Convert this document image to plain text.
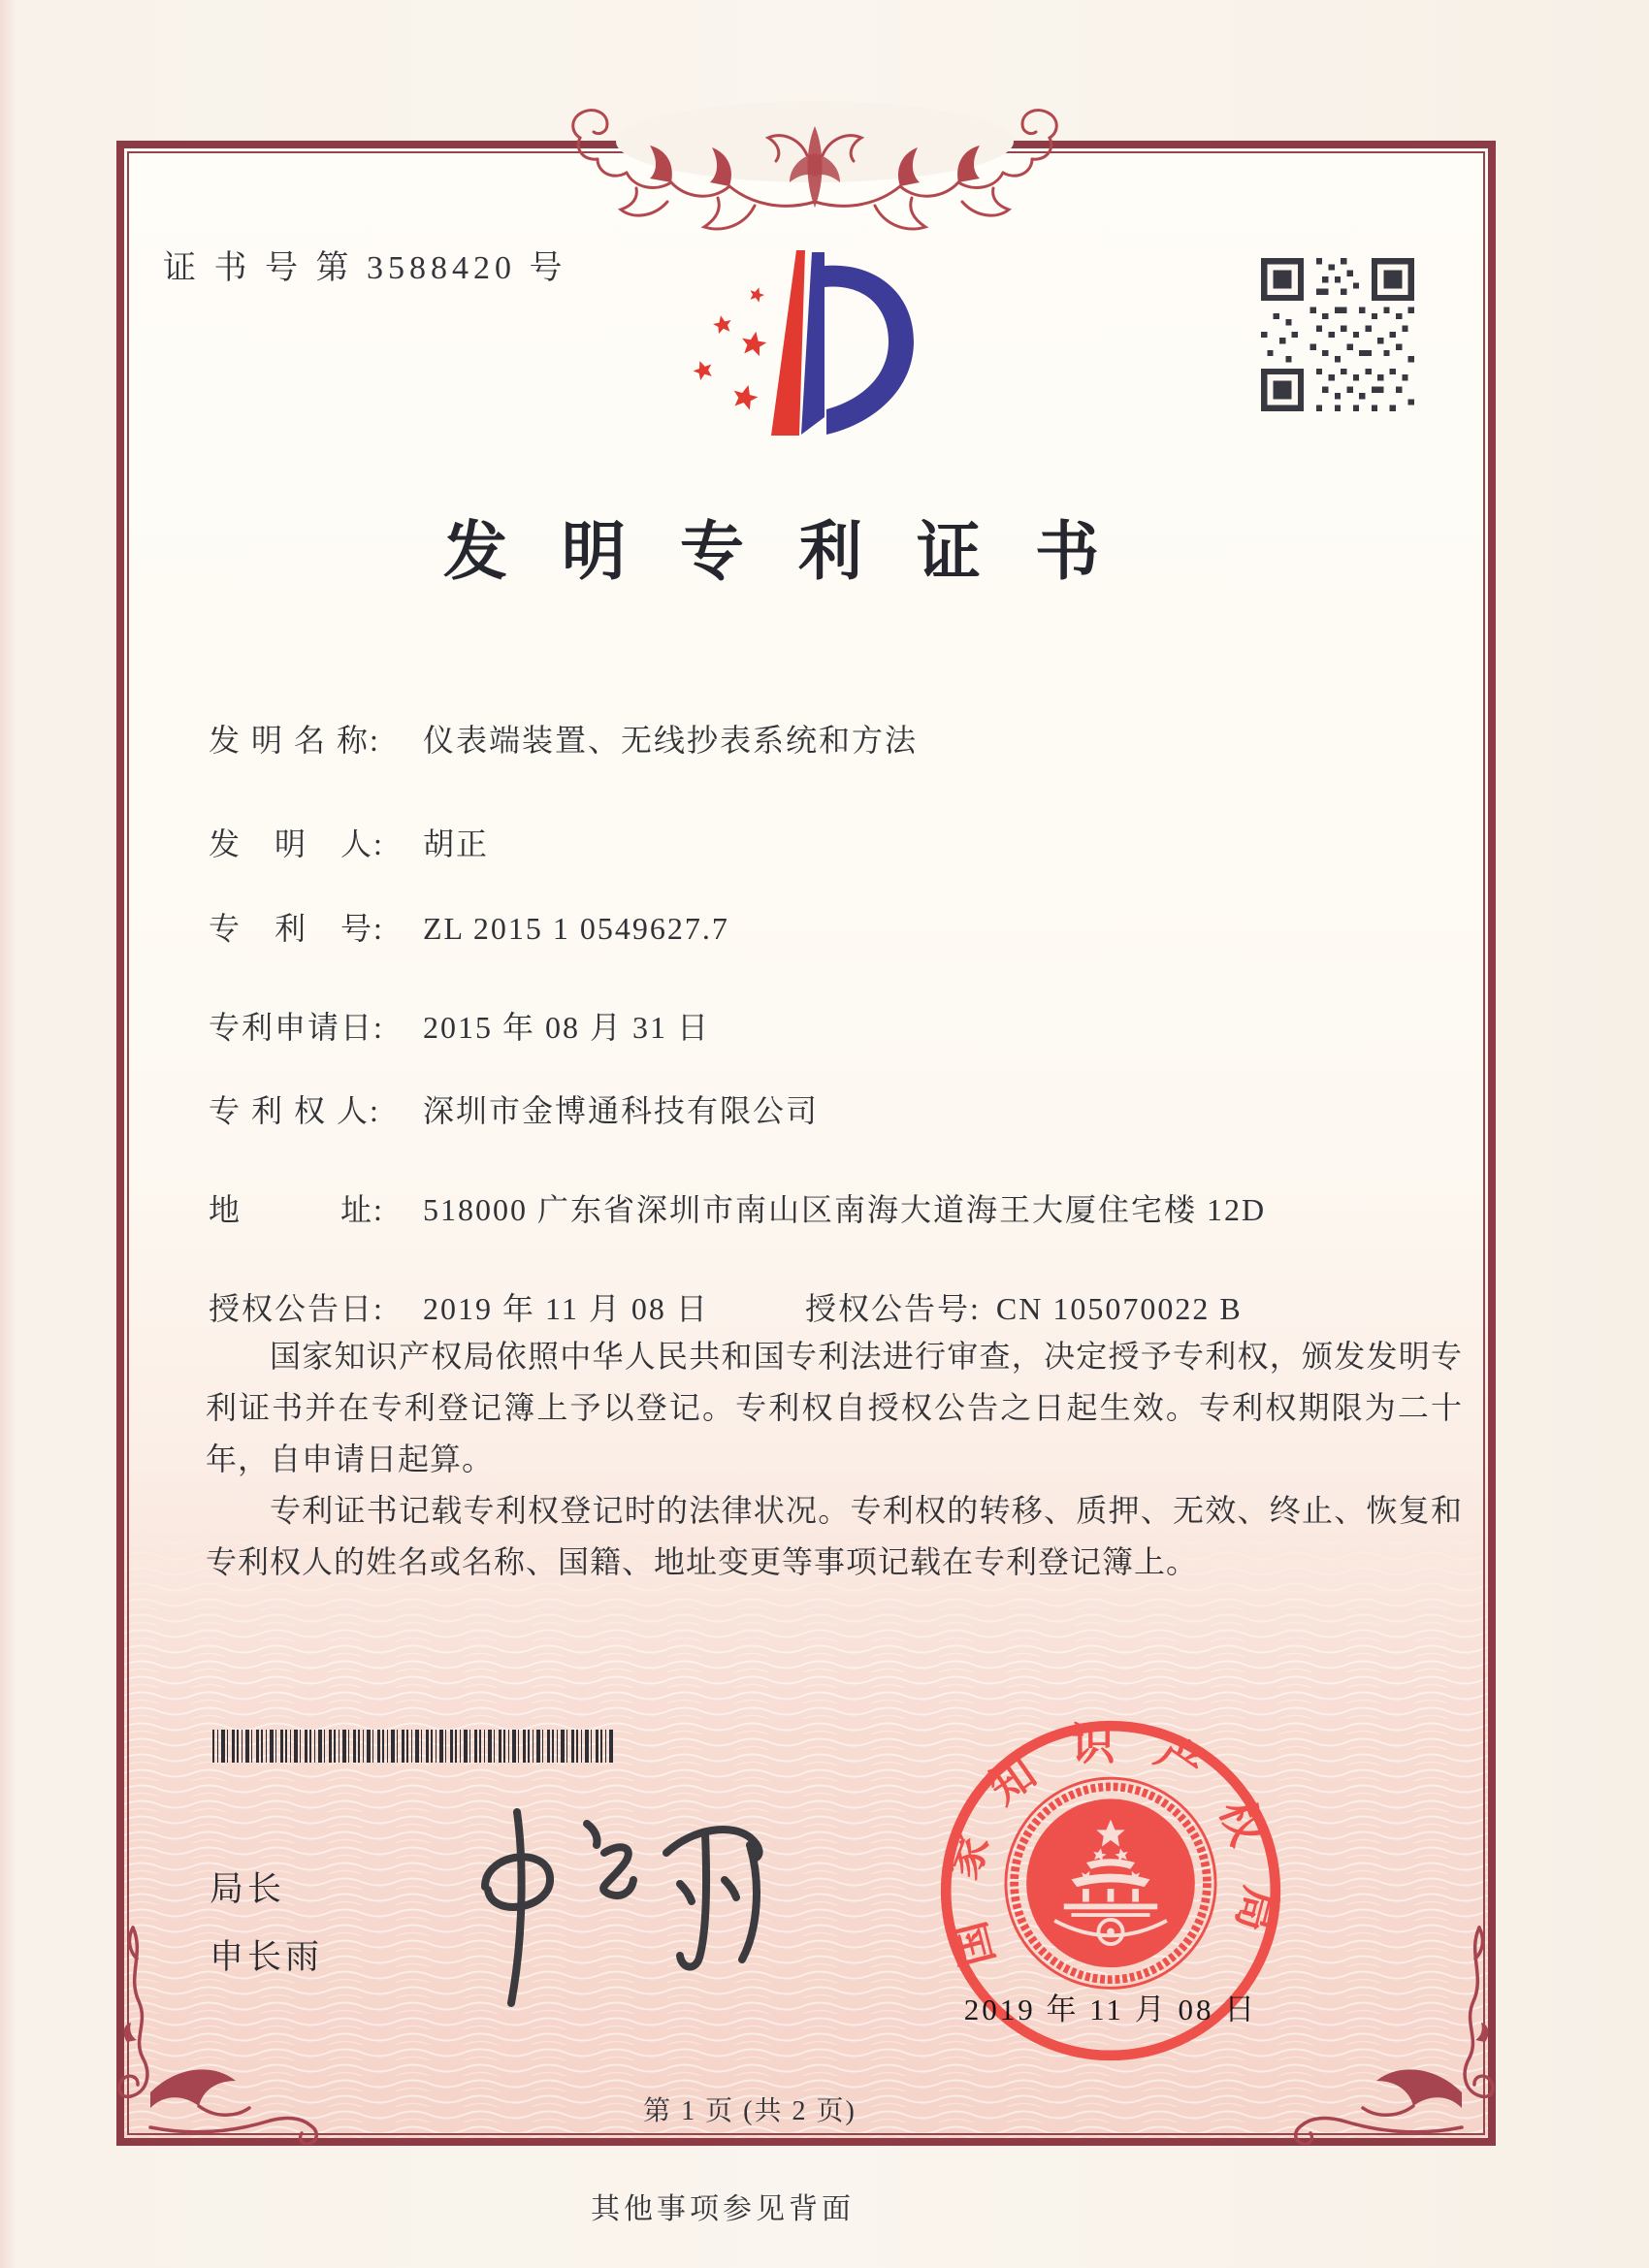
证 书 号 第 3588420 号
发明专利证书
发 明 名 称: 仪表端装置、无线抄表系统和方法
发　明　人: 胡正
专　利　号: ZL 2015 1 0549627.7
专利申请日: 2015 年 08 月 31 日
专 利 权 人: 深圳市金博通科技有限公司
地　　　址: 518000 广东省深圳市南山区南海大道海王大厦住宅楼 12D
授权公告日: 2019 年 11 月 08 日	授权公告号: CN 105070022 B

国家知识产权局依照中华人民共和国专利法进行审查，决定授予专利权，颁发发明专利证书并在专利登记簿上予以登记。专利权自授权公告之日起生效。专利权期限为二十年，自申请日起算。

专利证书记载专利权登记时的法律状况。专利权的转移、质押、无效、终止、恢复和专利权人的姓名或名称、国籍、地址变更等事项记载在专利登记簿上。

局长
申长雨	国家知识产权局
2019 年 11 月 08 日
第 1 页 (共 2 页)
其他事项参见背面
